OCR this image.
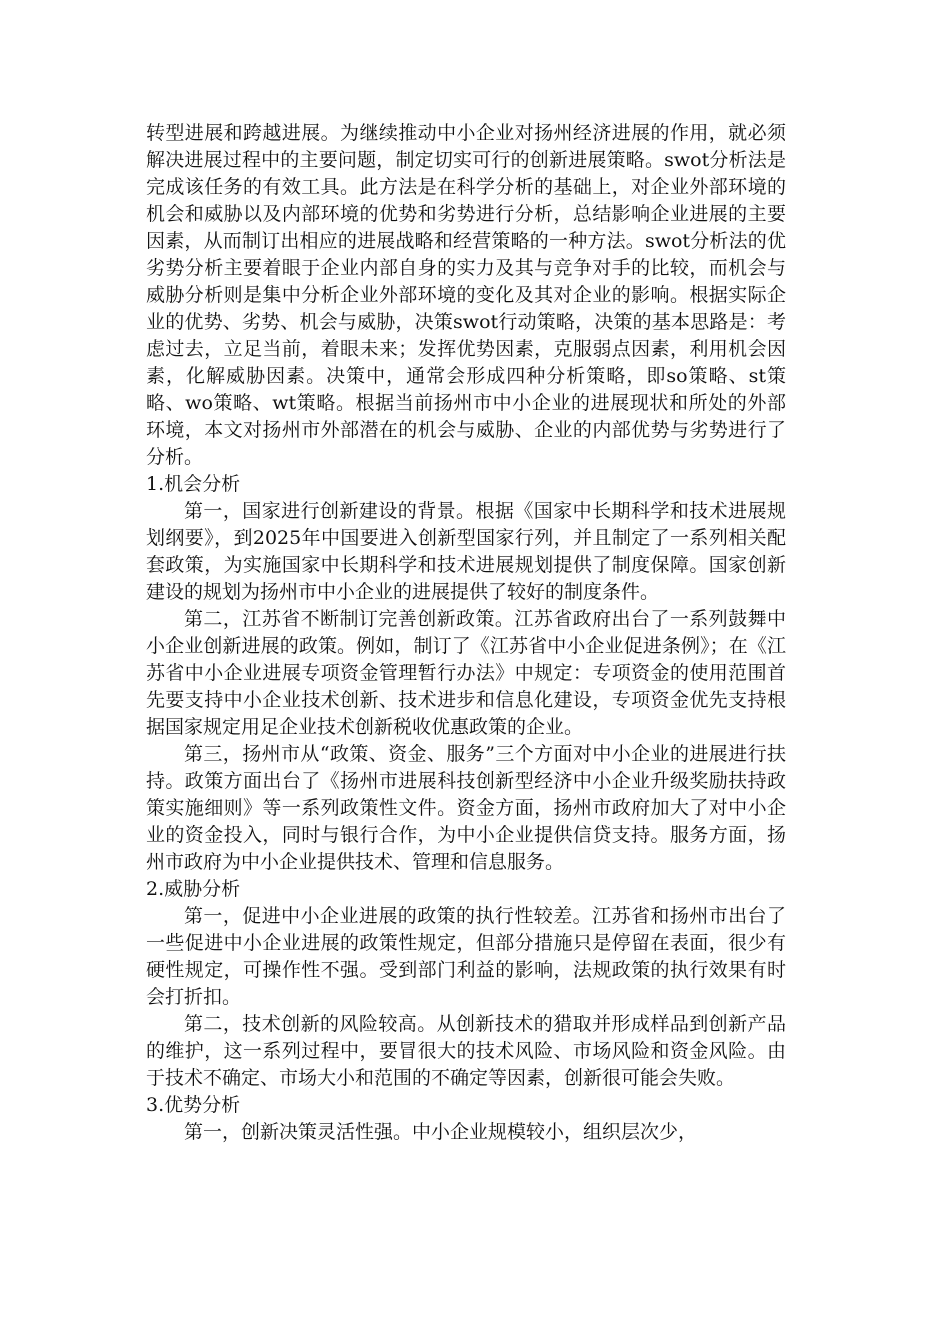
转型进展和跨越进展。为继续推动中小企业对扬州经济进展的作用，就必须解决进展过程中的主要问题，制定切实可行的创新进展策略。swot分析法是完成该任务的有效工具。此方法是在科学分析的基础上，对企业外部环境的机会和威胁以及内部环境的优势和劣势进行分析，总结影响企业进展的主要因素，从而制订出相应的进展战略和经营策略的一种方法。swot分析法的优劣势分析主要着眼于企业内部自身的实力及其与竞争对手的比较，而机会与威胁分析则是集中分析企业外部环境的变化及其对企业的影响。根据实际企业的优势、劣势、机会与威胁，决策swot行动策略，决策的基本思路是：考虑过去，立足当前，着眼未来；发挥优势因素，克服弱点因素，利用机会因素，化解威胁因素。决策中，通常会形成四种分析策略，即so策略、st策略、wo策略、wt策略。根据当前扬州市中小企业的进展现状和所处的外部环境，本文对扬州市外部潜在的机会与威胁、企业的内部优势与劣势进行了分析。

1.机会分析

第一，国家进行创新建设的背景。根据《国家中长期科学和技术进展规划纲要》，到2025年中国要进入创新型国家行列，并且制定了一系列相关配套政策，为实施国家中长期科学和技术进展规划提供了制度保障。国家创新建设的规划为扬州市中小企业的进展提供了较好的制度条件。

第二，江苏省不断制订完善创新政策。江苏省政府出台了一系列鼓舞中小企业创新进展的政策。例如，制订了《江苏省中小企业促进条例》；在《江苏省中小企业进展专项资金管理暂行办法》中规定：专项资金的使用范围首先要支持中小企业技术创新、技术进步和信息化建设，专项资金优先支持根据国家规定用足企业技术创新税收优惠政策的企业。

第三，扬州市从“政策、资金、服务”三个方面对中小企业的进展进行扶持。政策方面出台了《扬州市进展科技创新型经济中小企业升级奖励扶持政策实施细则》等一系列政策性文件。资金方面，扬州市政府加大了对中小企业的资金投入，同时与银行合作，为中小企业提供信贷支持。服务方面，扬州市政府为中小企业提供技术、管理和信息服务。

2.威胁分析

第一，促进中小企业进展的政策的执行性较差。江苏省和扬州市出台了一些促进中小企业进展的政策性规定，但部分措施只是停留在表面，很少有硬性规定，可操作性不强。受到部门利益的影响，法规政策的执行效果有时会打折扣。

第二，技术创新的风险较高。从创新技术的猎取并形成样品到创新产品的维护，这一系列过程中，要冒很大的技术风险、市场风险和资金风险。由于技术不确定、市场大小和范围的不确定等因素，创新很可能会失败。

3.优势分析

第一，创新决策灵活性强。中小企业规模较小，组织层次少，
